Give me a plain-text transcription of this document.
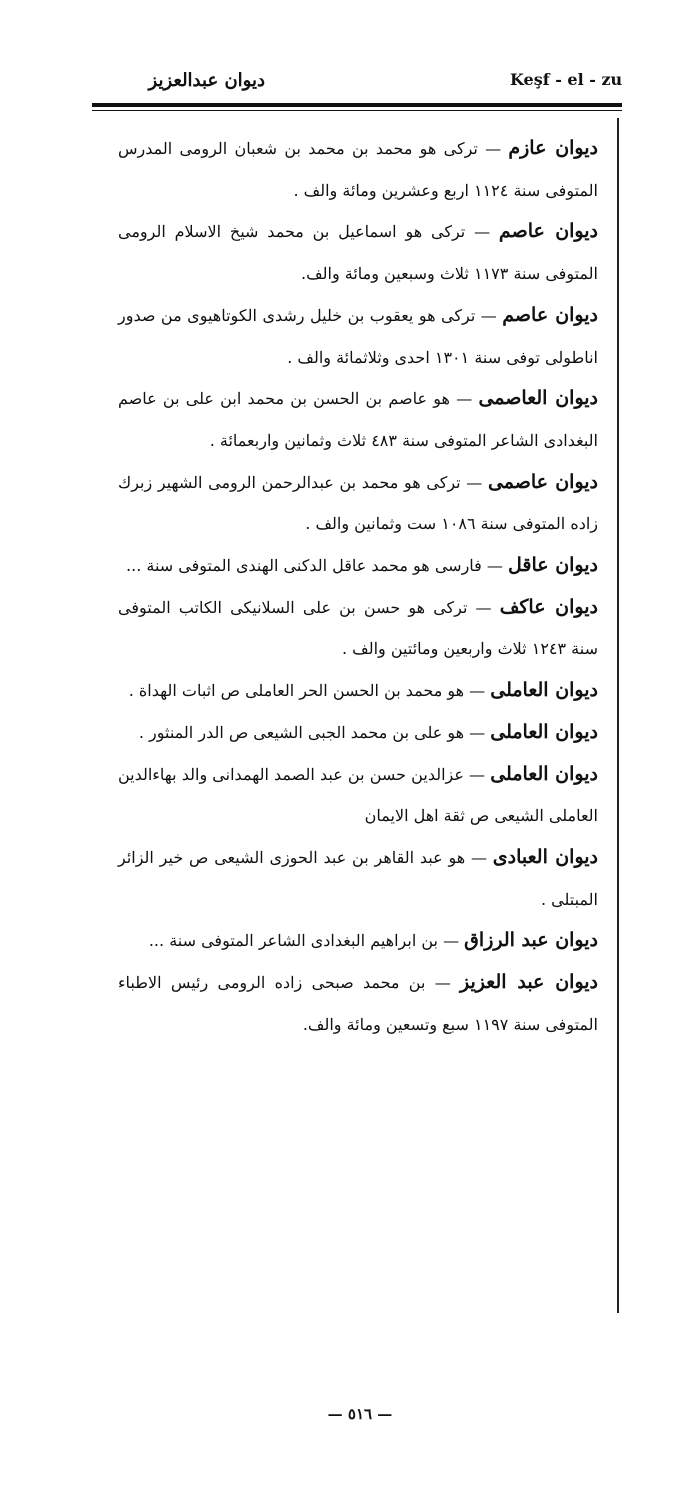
Keşf - el - zu
ديوان عبدالعزيز

ديوان عازم — تركى هو محمد بن محمد بن شعبان الرومى المدرس المتوفى سنة ١١٢٤ اربع وعشرين ومائة والف .

ديوان عاصم — تركى هو اسماعيل بن محمد شيخ الاسلام الرومى المتوفى سنة ١١٧٣ ثلاث وسبعين ومائة والف.

ديوان عاصم — تركى هو يعقوب بن خليل رشدى الكوتاهيوى من صدور اناطولى توفى سنة ١٣٠١ احدى وثلاثمائة والف .

ديوان العاصمى — هو عاصم بن الحسن بن محمد ابن على بن عاصم البغدادى الشاعر المتوفى سنة ٤٨٣ ثلاث وثمانين واربعمائة .

ديوان عاصمى — تركى هو محمد بن عبدالرحمن الرومى الشهير زبرك زاده المتوفى سنة ١٠٨٦ ست وثمانين والف .

ديوان عاقل — فارسى هو محمد عاقل الدكنى الهندى المتوفى سنة ...

ديوان عاكف — تركى هو حسن بن على السلانيكى الكاتب المتوفى سنة ١٢٤٣ ثلاث واربعين ومائتين والف .

ديوان العاملى — هو محمد بن الحسن الحر العاملى ص اثبات الهداة .

ديوان العاملى — هو على بن محمد الجبى الشيعى ص الدر المنثور .

ديوان العاملى — عزالدين حسن بن عبد الصمد الهمدانى والد بهاءالدين العاملى الشيعى ص ثقة اهل الايمان

ديوان العبادى — هو عبد القاهر بن عبد الحوزى الشيعى ص خير الزائر المبتلى .

ديوان عبد الرزاق — بن ابراهيم البغدادى الشاعر المتوفى سنة ...

ديوان عبد العزيز — بن محمد صبحى زاده الرومى رئيس الاطباء المتوفى سنة ١١٩٧ سبع وتسعين ومائة والف.

— ٥١٦ —
